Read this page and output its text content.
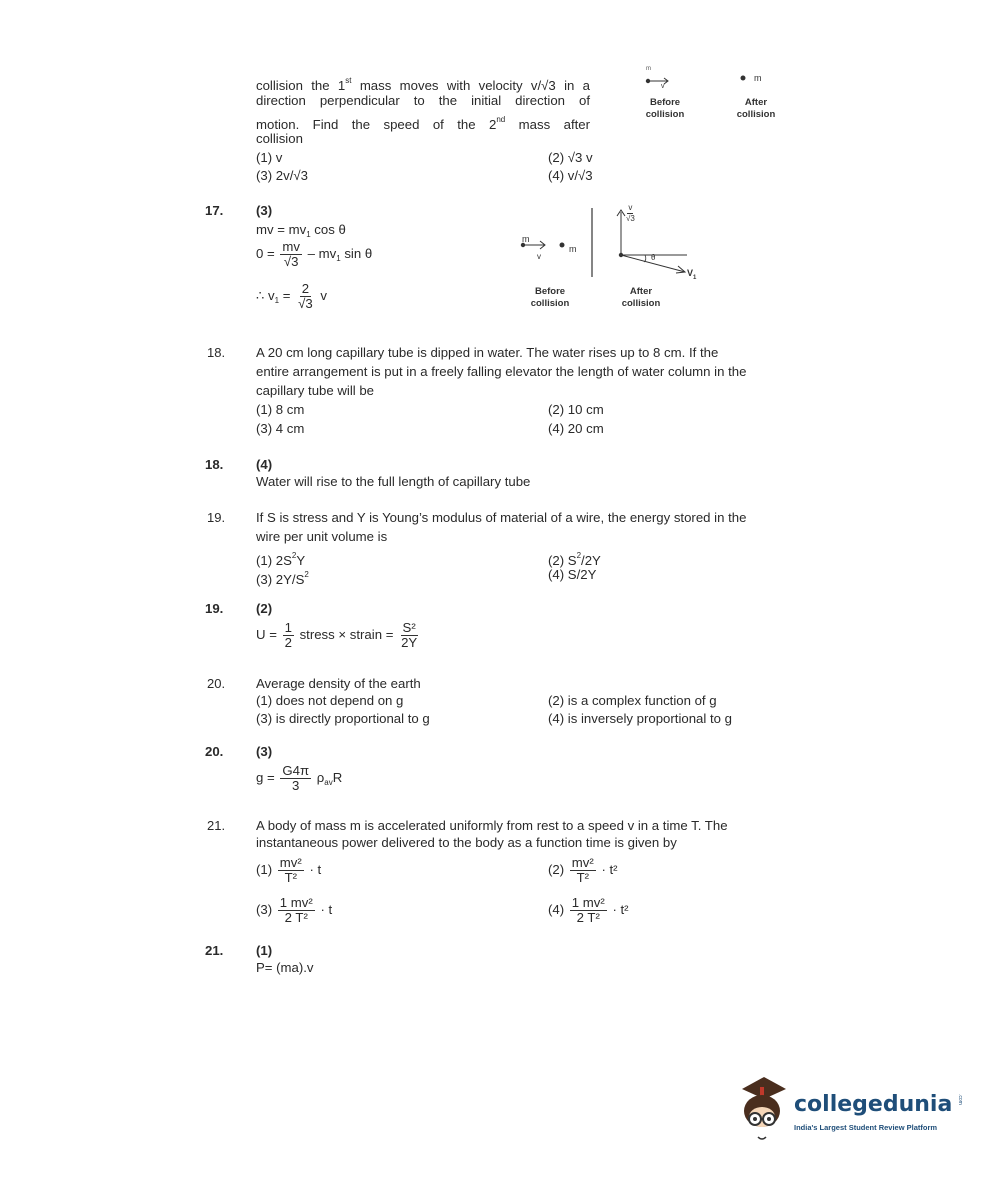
collision the 1st mass moves with velocity v/√3 in a
direction perpendicular to the initial direction of
motion. Find the speed of the 2nd mass after
collision
(1) v	(2) √3 v
(3) 2v/√3	(4) v/√3
m
v
m
Before
collision
After
collision
17. (3)
mv = $mv_1$ cos θ
$0 = \frac{mv}{√3} - mv_1$ sin θ
∴ $v_1 = \frac{2}{√3}$ v
m
v
m
v
√3
θ
$V_1$
Before
collision
After
collision
18. A 20 cm long capillary tube is dipped in water. The water rises up to 8 cm. If the
entire arrangement is put in a freely falling elevator the length of water column in the
capillary tube will be
(1) 8 cm	(2) 10 cm
(3) 4 cm	(4) 20 cm
18. (4)
Water will rise to the full length of capillary tube
19. If S is stress and Y is Young’s modulus of material of a wire, the energy stored in the
wire per unit volume is
(1) $2S^2Y$	(2) $S^2/2Y$
(3) $2Y/S^2$	(4) S/2Y
19. (2)
$U = \frac{1}{2}$ stress × strain = $\frac{\text{S²}}{2Y}$
20. Average density of the earth
(1) does not depend on g	(2) is a complex function of g
(3) is directly proportional to g	(4) is inversely proportional to g
20. (3)
$g = \frac{G4\pi}{3} \rho_{av}R$
21. A body of mass m is accelerated uniformly from rest to a speed v in a time T. The
instantaneous power delivered to the body as a function time is given by
$(1) \frac{\text{mv²}}{\text{T²}} \cdot t$	$(2) \frac{\text{mv²}}{\text{T²}} \cdot t^2$
$(3) \frac{\text{1 mv²}}{\text{2 T²}} \cdot t$	$(4) \frac{\text{1 mv²}}{\text{2 T²}} \cdot t^2$
21. (1)
P= (ma).v
collegedunia .com
India's Largest Student Review Platform
